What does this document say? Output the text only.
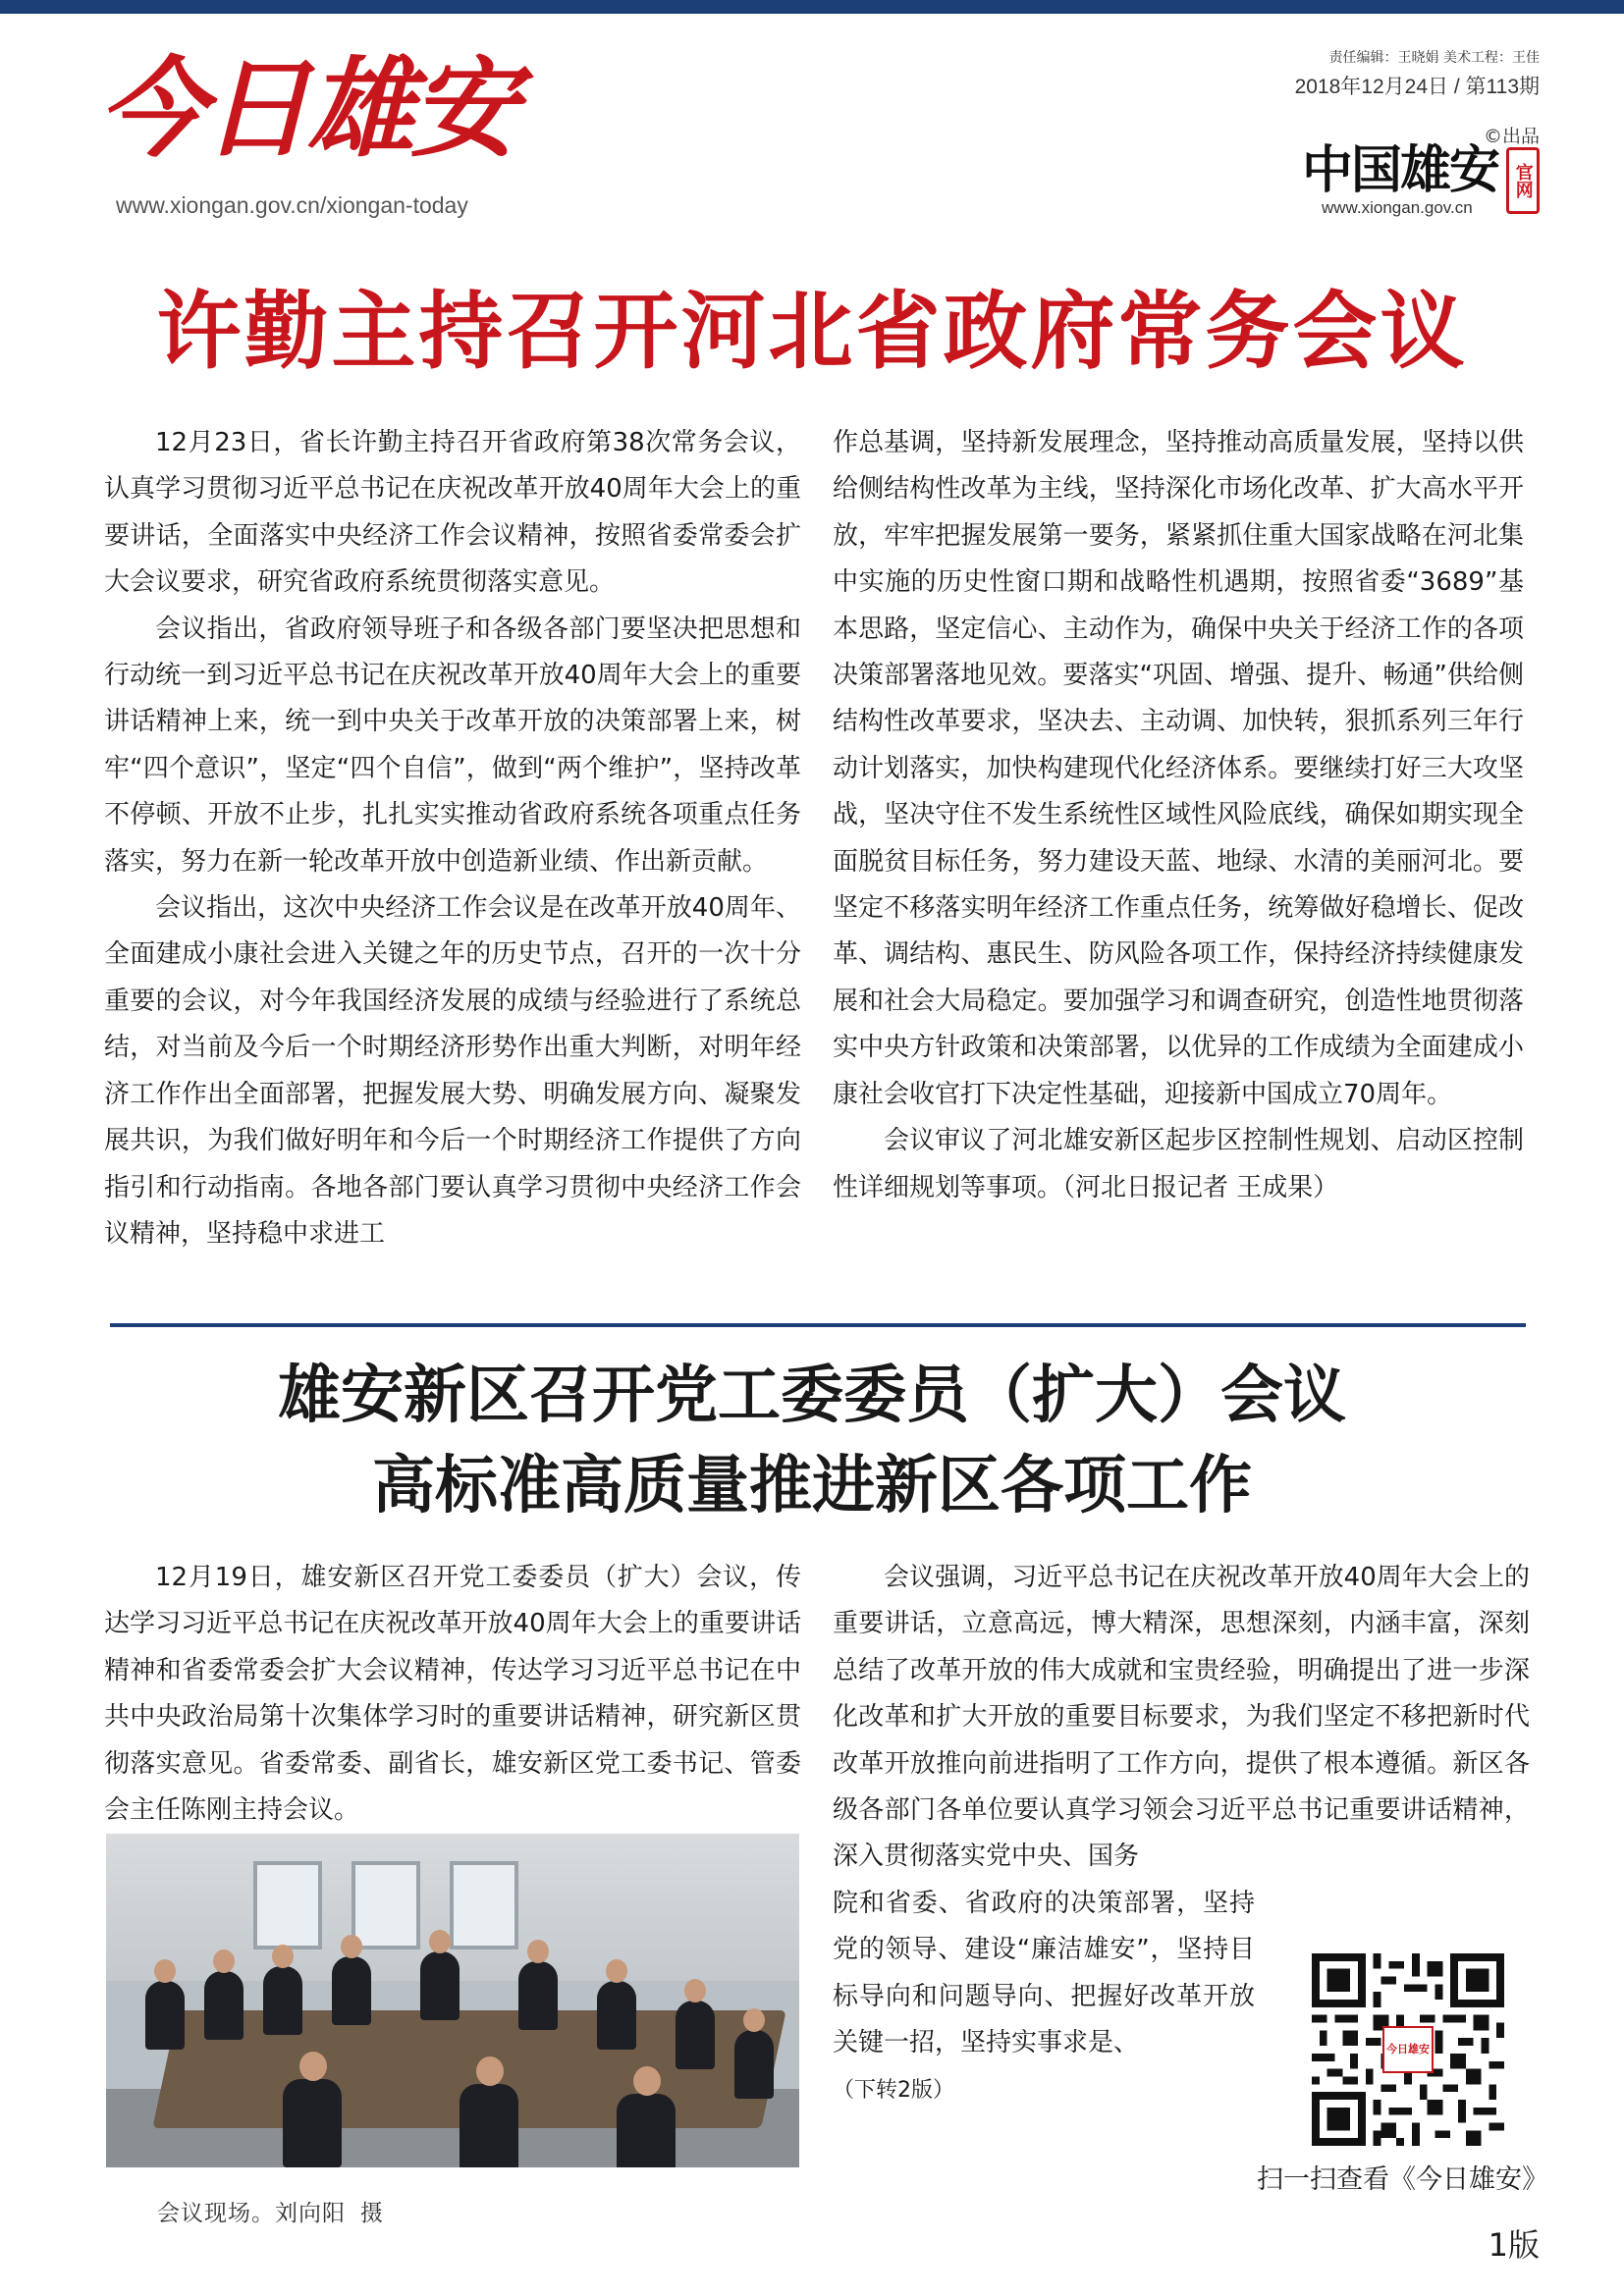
今日雄安
www.xiongan.gov.cn/xiongan-today
责任编辑：王晓娟 美术工程：王佳
2018年12月24日 / 第113期
©出品
中国雄安 官网
www.xiongan.gov.cn
许勤主持召开河北省政府常务会议

12月23日，省长许勤主持召开省政府第38次常务会议，认真学习贯彻习近平总书记在庆祝改革开放40周年大会上的重要讲话，全面落实中央经济工作会议精神，按照省委常委会扩大会议要求，研究省政府系统贯彻落实意见。

会议指出，省政府领导班子和各级各部门要坚决把思想和行动统一到习近平总书记在庆祝改革开放40周年大会上的重要讲话精神上来，统一到中央关于改革开放的决策部署上来，树牢“四个意识”，坚定“四个自信”，做到“两个维护”，坚持改革不停顿、开放不止步，扎扎实实推动省政府系统各项重点任务落实，努力在新一轮改革开放中创造新业绩、作出新贡献。

会议指出，这次中央经济工作会议是在改革开放40周年、全面建成小康社会进入关键之年的历史节点，召开的一次十分重要的会议，对今年我国经济发展的成绩与经验进行了系统总结，对当前及今后一个时期经济形势作出重大判断，对明年经济工作作出全面部署，把握发展大势、明确发展方向、凝聚发展共识，为我们做好明年和今后一个时期经济工作提供了方向指引和行动指南。各地各部门要认真学习贯彻中央经济工作会议精神，坚持稳中求进工

作总基调，坚持新发展理念，坚持推动高质量发展，坚持以供给侧结构性改革为主线，坚持深化市场化改革、扩大高水平开放，牢牢把握发展第一要务，紧紧抓住重大国家战略在河北集中实施的历史性窗口期和战略性机遇期，按照省委“3689”基本思路，坚定信心、主动作为，确保中央关于经济工作的各项决策部署落地见效。要落实“巩固、增强、提升、畅通”供给侧结构性改革要求，坚决去、主动调、加快转，狠抓系列三年行动计划落实，加快构建现代化经济体系。要继续打好三大攻坚战，坚决守住不发生系统性区域性风险底线，确保如期实现全面脱贫目标任务，努力建设天蓝、地绿、水清的美丽河北。要坚定不移落实明年经济工作重点任务，统筹做好稳增长、促改革、调结构、惠民生、防风险各项工作，保持经济持续健康发展和社会大局稳定。要加强学习和调查研究，创造性地贯彻落实中央方针政策和决策部署，以优异的工作成绩为全面建成小康社会收官打下决定性基础，迎接新中国成立70周年。

会议审议了河北雄安新区起步区控制性规划、启动区控制性详细规划等事项。（河北日报记者 王成果）

雄安新区召开党工委委员（扩大）会议
高标准高质量推进新区各项工作

12月19日，雄安新区召开党工委委员（扩大）会议，传达学习习近平总书记在庆祝改革开放40周年大会上的重要讲话精神和省委常委会扩大会议精神，传达学习习近平总书记在中共中央政治局第十次集体学习时的重要讲话精神，研究新区贯彻落实意见。省委常委、副省长，雄安新区党工委书记、管委会主任陈刚主持会议。

会议现场。刘向阳 摄

会议强调，习近平总书记在庆祝改革开放40周年大会上的重要讲话，立意高远，博大精深，思想深刻，内涵丰富，深刻总结了改革开放的伟大成就和宝贵经验，明确提出了进一步深化改革和扩大开放的重要目标要求，为我们坚定不移把新时代改革开放推向前进指明了工作方向，提供了根本遵循。新区各级各部门各单位要认真学习领会习近平总书记重要讲话精神，深入贯彻落实党中央、国务

院和省委、省政府的决策部署，坚持党的领导、建设“廉洁雄安”，坚持目标导向和问题导向、把握好改革开放关键一招，坚持实事求是、

（下转2版）

今日雄安
扫一扫查看《今日雄安》
1版
